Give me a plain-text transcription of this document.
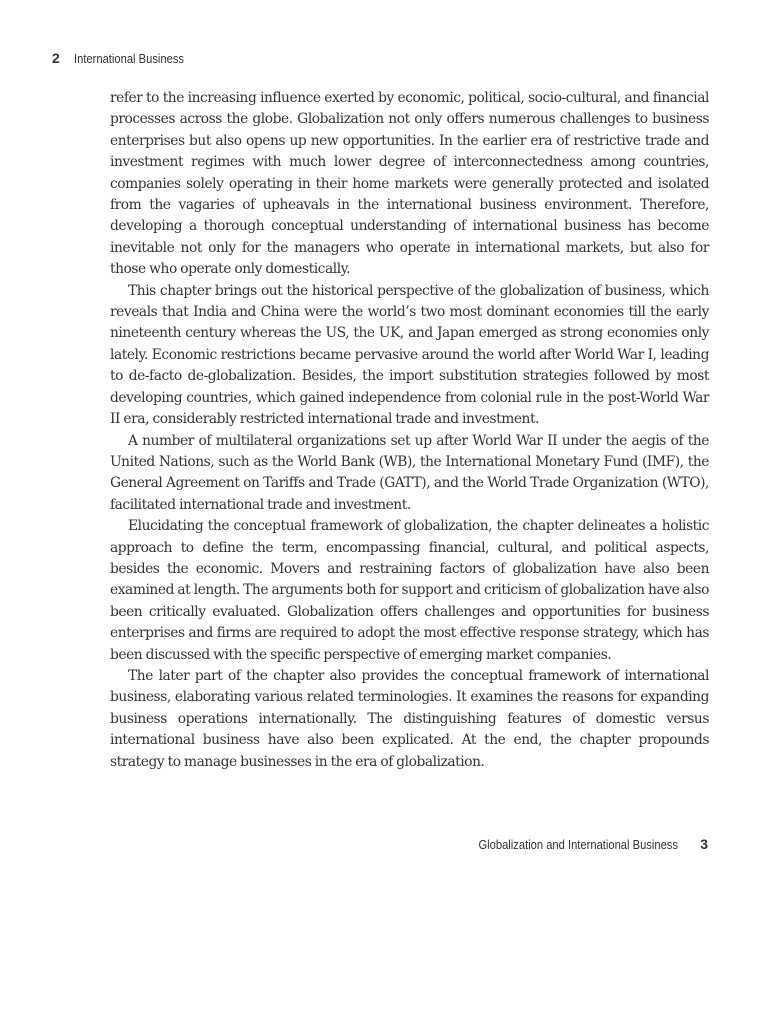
2 International Business

refer to the increasing influence exerted by economic, political, socio-cultural, and financial processes across the globe. Globalization not only offers numerous challenges to business enterprises but also opens up new opportunities. In the earlier era of restrictive trade and investment regimes with much lower degree of interconnectedness among countries, companies solely operating in their home markets were generally protected and isolated from the vagaries of upheavals in the international business environment. Therefore, developing a thorough conceptual understanding of international business has become inevitable not only for the managers who operate in international markets, but also for those who operate only domestically.

This chapter brings out the historical perspective of the globalization of business, which reveals that India and China were the world’s two most dominant economies till the early nineteenth century whereas the US, the UK, and Japan emerged as strong economies only lately. Economic restrictions became pervasive around the world after World War I, leading to de-facto de-globalization. Besides, the import substitution strategies followed by most developing countries, which gained independence from colonial rule in the post-World War II era, considerably restricted international trade and investment.

A number of multilateral organizations set up after World War II under the aegis of the United Nations, such as the World Bank (WB), the International Monetary Fund (IMF), the General Agreement on Tariffs and Trade (GATT), and the World Trade Organization (WTO), facilitated international trade and investment.

Elucidating the conceptual framework of globalization, the chapter delineates a holistic approach to define the term, encompassing financial, cultural, and political aspects, besides the economic. Movers and restraining factors of globalization have also been examined at length. The arguments both for support and criticism of globalization have also been critically evaluated. Globalization offers challenges and opportunities for business enterprises and firms are required to adopt the most effective response strategy, which has been discussed with the specific perspective of emerging market companies.

The later part of the chapter also provides the conceptual framework of international business, elaborating various related terminologies. It examines the reasons for expanding business operations internationally. The distinguishing features of domestic versus international business have also been explicated. At the end, the chapter propounds strategy to manage businesses in the era of globalization.

Globalization and International Business 3
